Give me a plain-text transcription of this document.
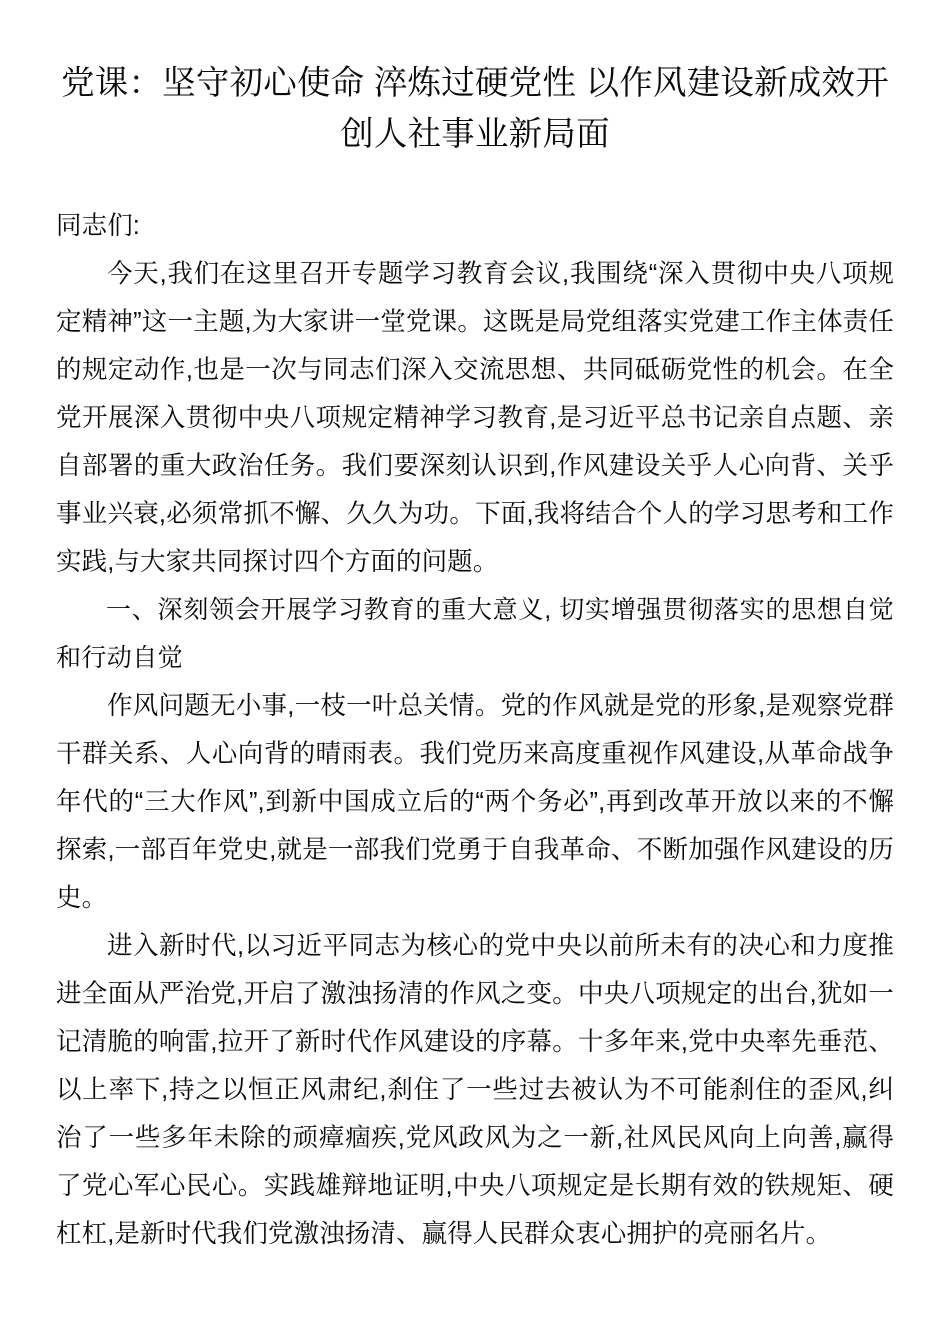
党课：坚守初心使命 淬炼过硬党性 以作风建设新成效开创人社事业新局面

同志们:

今天,我们在这里召开专题学习教育会议,我围绕“深入贯彻中央八项规定精神”这一主题,为大家讲一堂党课。这既是局党组落实党建工作主体责任的规定动作,也是一次与同志们深入交流思想、共同砥砺党性的机会。在全党开展深入贯彻中央八项规定精神学习教育,是习近平总书记亲自点题、亲自部署的重大政治任务。我们要深刻认识到,作风建设关乎人心向背、关乎事业兴衰,必须常抓不懈、久久为功。下面,我将结合个人的学习思考和工作实践,与大家共同探讨四个方面的问题。

一、深刻领会开展学习教育的重大意义, 切实增强贯彻落实的思想自觉和行动自觉

作风问题无小事,一枝一叶总关情。党的作风就是党的形象,是观察党群干群关系、人心向背的晴雨表。我们党历来高度重视作风建设,从革命战争年代的“三大作风”,到新中国成立后的“两个务必”,再到改革开放以来的不懈探索,一部百年党史,就是一部我们党勇于自我革命、不断加强作风建设的历史。

进入新时代,以习近平同志为核心的党中央以前所未有的决心和力度推进全面从严治党,开启了激浊扬清的作风之变。中央八项规定的出台,犹如一记清脆的响雷,拉开了新时代作风建设的序幕。十多年来,党中央率先垂范、以上率下,持之以恒正风肃纪,刹住了一些过去被认为不可能刹住的歪风,纠治了一些多年未除的顽瘴痼疾,党风政风为之一新,社风民风向上向善,赢得了党心军心民心。实践雄辩地证明,中央八项规定是长期有效的铁规矩、硬杠杠,是新时代我们党激浊扬清、赢得人民群众衷心拥护的亮丽名片。
